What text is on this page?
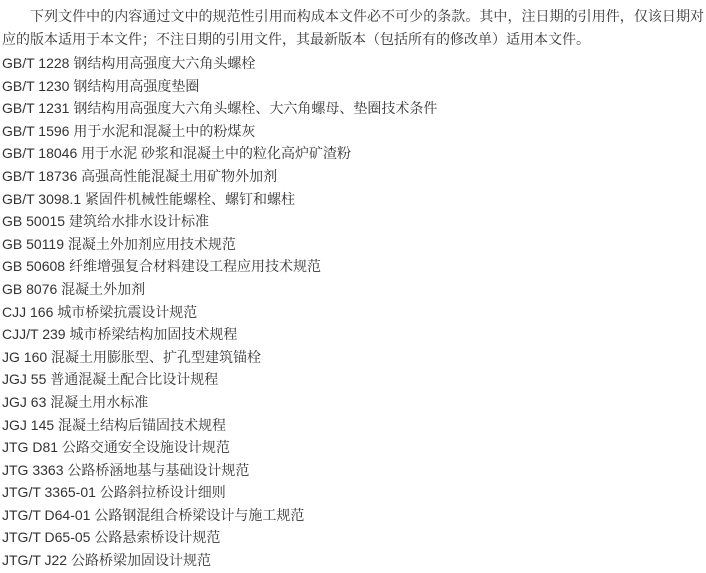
下列文件中的内容通过文中的规范性引用而构成本文件必不可少的条款。其中，注日期的引用件，仅该日期对应的版本适用于本文件；不注日期的引用文件，其最新版本（包括所有的修改单）适用本文件。

GB/T 1228 钢结构用高强度大六角头螺栓
GB/T 1230 钢结构用高强度垫圈
GB/T 1231 钢结构用高强度大六角头螺栓、大六角螺母、垫圈技术条件
GB/T 1596 用于水泥和混凝土中的粉煤灰
GB/T 18046 用于水泥 砂浆和混凝土中的粒化高炉矿渣粉
GB/T 18736 高强高性能混凝土用矿物外加剂
GB/T 3098.1 紧固件机械性能螺栓、螺钉和螺柱
GB 50015 建筑给水排水设计标准
GB 50119 混凝土外加剂应用技术规范
GB 50608 纤维增强复合材料建设工程应用技术规范
GB 8076 混凝土外加剂
CJJ 166 城市桥梁抗震设计规范
CJJ/T 239 城市桥梁结构加固技术规程
JG 160 混凝土用膨胀型、扩孔型建筑锚栓
JGJ 55 普通混凝土配合比设计规程
JGJ 63 混凝土用水标准
JGJ 145 混凝土结构后锚固技术规程
JTG D81 公路交通安全设施设计规范
JTG 3363 公路桥涵地基与基础设计规范
JTG/T 3365-01 公路斜拉桥设计细则
JTG/T D64-01 公路钢混组合桥梁设计与施工规范
JTG/T D65-05 公路悬索桥设计规范
JTG/T J22 公路桥梁加固设计规范
